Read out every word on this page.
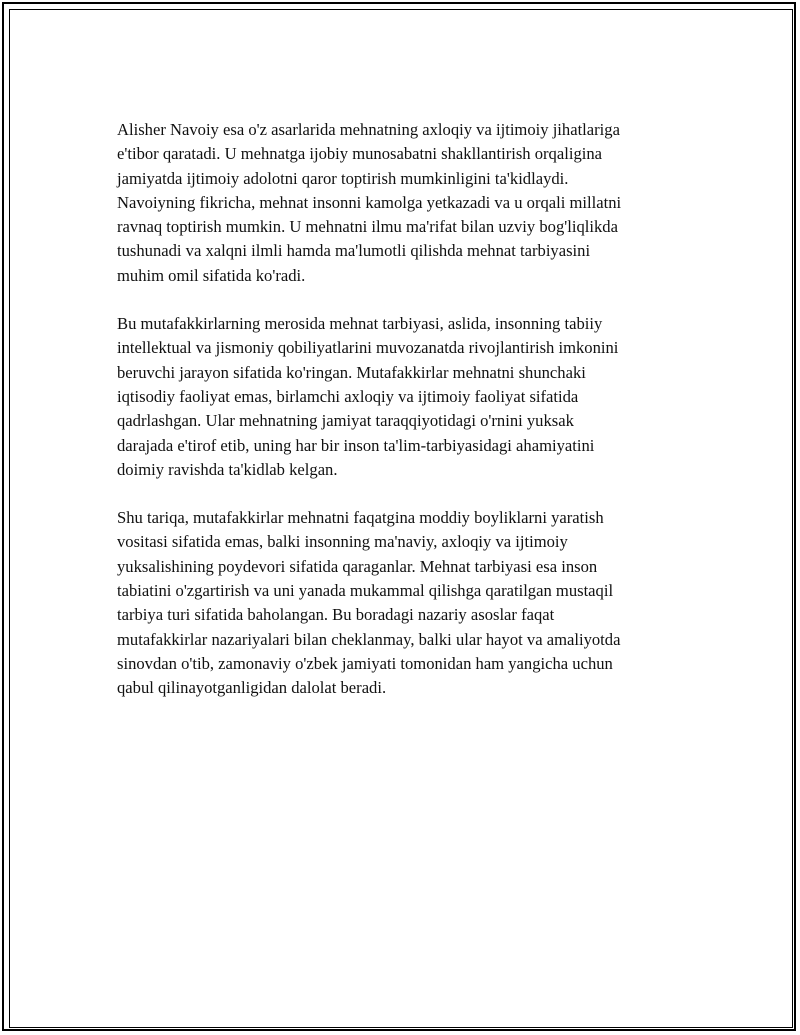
Alisher Navoiy esa o'z asarlarida mehnatning axloqiy va ijtimoiy jihatlariga
e'tibor qaratadi. U mehnatga ijobiy munosabatni shakllantirish orqaligina
jamiyatda ijtimoiy adolotni qaror toptirish mumkinligini ta'kidlaydi.
Navoiyning fikricha, mehnat insonni kamolga yetkazadi va u orqali millatni
ravnaq toptirish mumkin. U mehnatni ilmu ma'rifat bilan uzviy bog'liqlikda
tushunadi va xalqni ilmli hamda ma'lumotli qilishda mehnat tarbiyasini
muhim omil sifatida ko'radi.

Bu mutafakkirlarning merosida mehnat tarbiyasi, aslida, insonning tabiiy
intellektual va jismoniy qobiliyatlarini muvozanatda rivojlantirish imkonini
beruvchi jarayon sifatida ko'ringan. Mutafakkirlar mehnatni shunchaki
iqtisodiy faoliyat emas, birlamchi axloqiy va ijtimoiy faoliyat sifatida
qadrlashgan. Ular mehnatning jamiyat taraqqiyotidagi o'rnini yuksak
darajada e'tirof etib, uning har bir inson ta'lim-tarbiyasidagi ahamiyatini
doimiy ravishda ta'kidlab kelgan.

Shu tariqa, mutafakkirlar mehnatni faqatgina moddiy boyliklarni yaratish
vositasi sifatida emas, balki insonning ma'naviy, axloqiy va ijtimoiy
yuksalishining poydevori sifatida qaraganlar. Mehnat tarbiyasi esa inson
tabiatini o'zgartirish va uni yanada mukammal qilishga qaratilgan mustaqil
tarbiya turi sifatida baholangan. Bu boradagi nazariy asoslar faqat
mutafakkirlar nazariyalari bilan cheklanmay, balki ular hayot va amaliyotda
sinovdan o'tib, zamonaviy o'zbek jamiyati tomonidan ham yangicha uchun
qabul qilinayotganligidan dalolat beradi.
